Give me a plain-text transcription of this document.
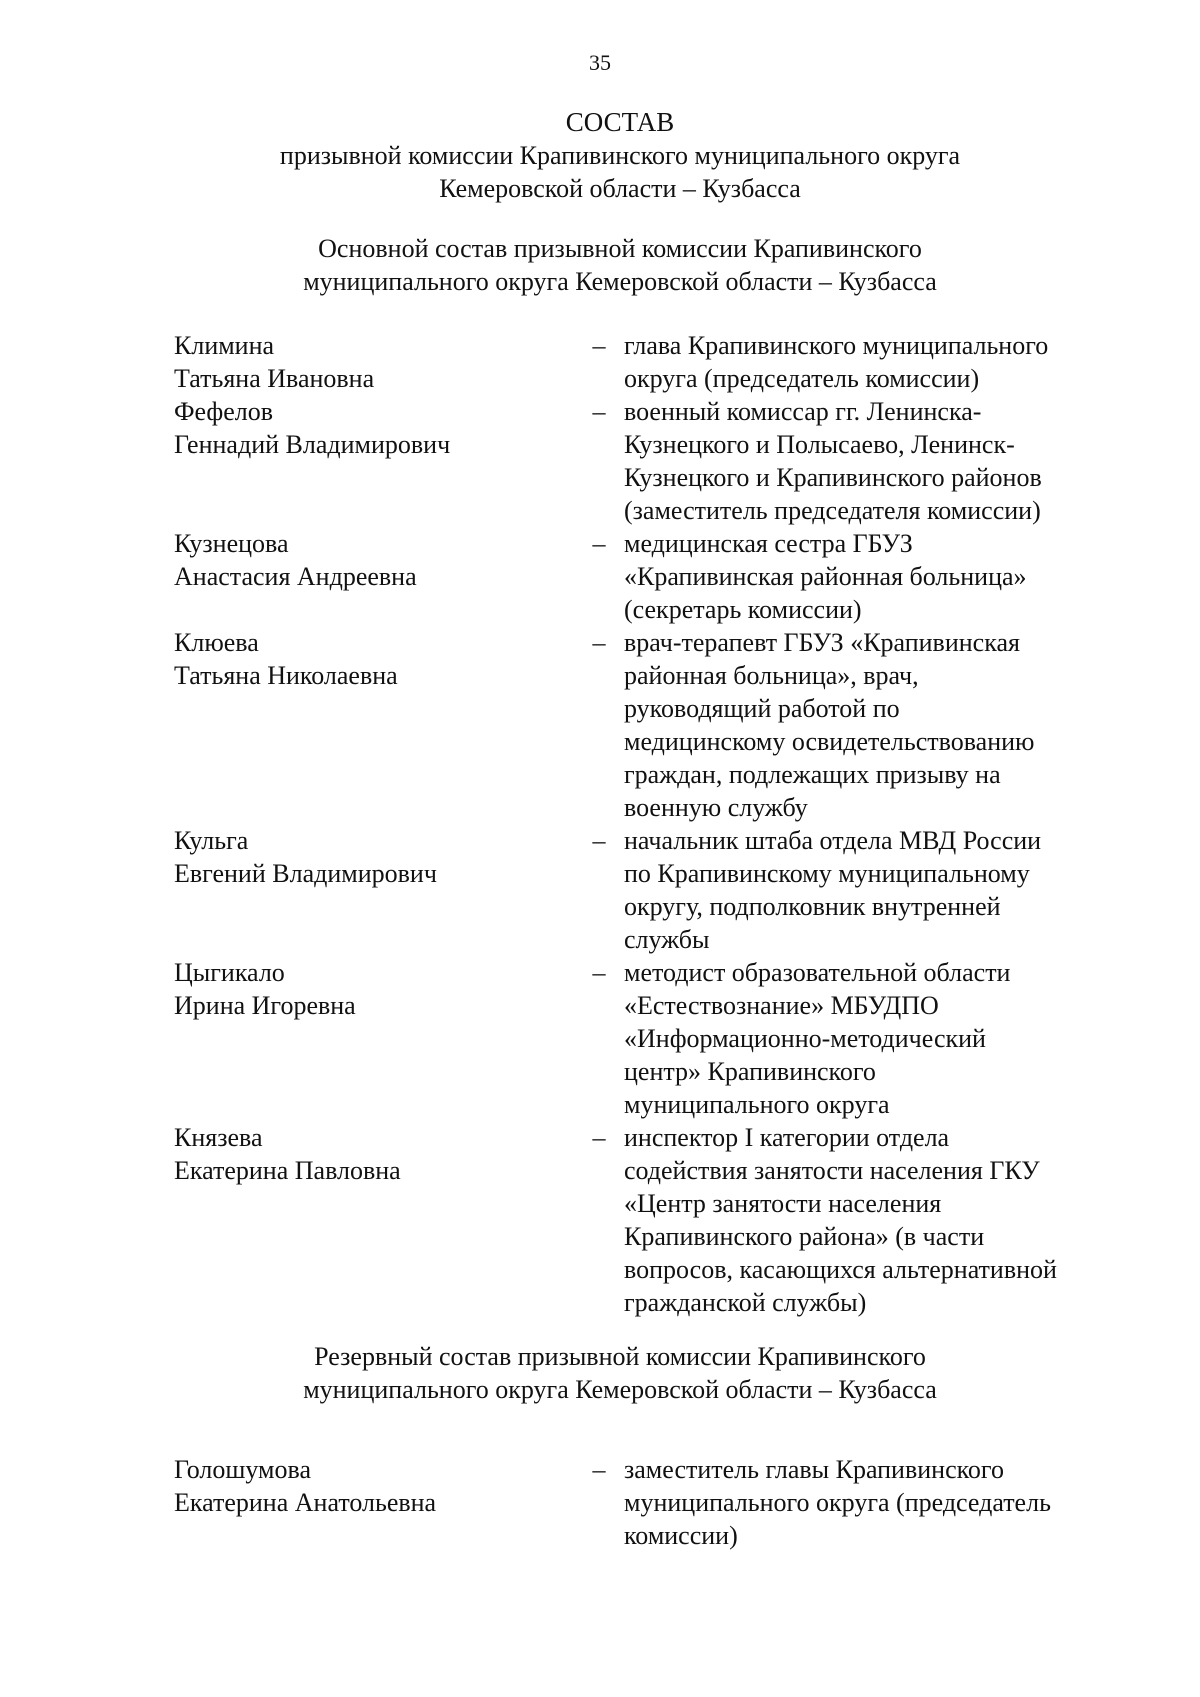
35
СОСТАВ
призывной комиссии Крапивинского муниципального округа
Кемеровской области – Кузбасса
Основной состав призывной комиссии Крапивинского
муниципального округа Кемеровской области – Кузбасса
Климина
Татьяна Ивановна
– глава Крапивинского муниципального
округа (председатель комиссии)
Фефелов
Геннадий Владимирович
– военный комиссар гг. Ленинска-
Кузнецкого и Полысаево, Ленинск-
Кузнецкого и Крапивинского районов
(заместитель председателя комиссии)
Кузнецова
Анастасия Андреевна
– медицинская сестра ГБУЗ
«Крапивинская районная больница»
(секретарь комиссии)
Клюева
Татьяна Николаевна
– врач-терапевт ГБУЗ «Крапивинская
районная больница», врач,
руководящий работой по
медицинскому освидетельствованию
граждан, подлежащих призыву на
военную службу
Кульга
Евгений Владимирович
– начальник штаба отдела МВД России
по Крапивинскому муниципальному
округу, подполковник внутренней
службы
Цыгикало
Ирина Игоревна
– методист образовательной области
«Естествознание» МБУДПО
«Информационно-методический
центр» Крапивинского
муниципального округа
Князева
Екатерина Павловна
– инспектор I категории отдела
содействия занятости населения ГКУ
«Центр занятости населения
Крапивинского района» (в части
вопросов, касающихся альтернативной
гражданской службы)
Резервный состав призывной комиссии Крапивинского
муниципального округа Кемеровской области – Кузбасса
Голошумова
Екатерина Анатольевна
– заместитель главы Крапивинского
муниципального округа (председатель
комиссии)
